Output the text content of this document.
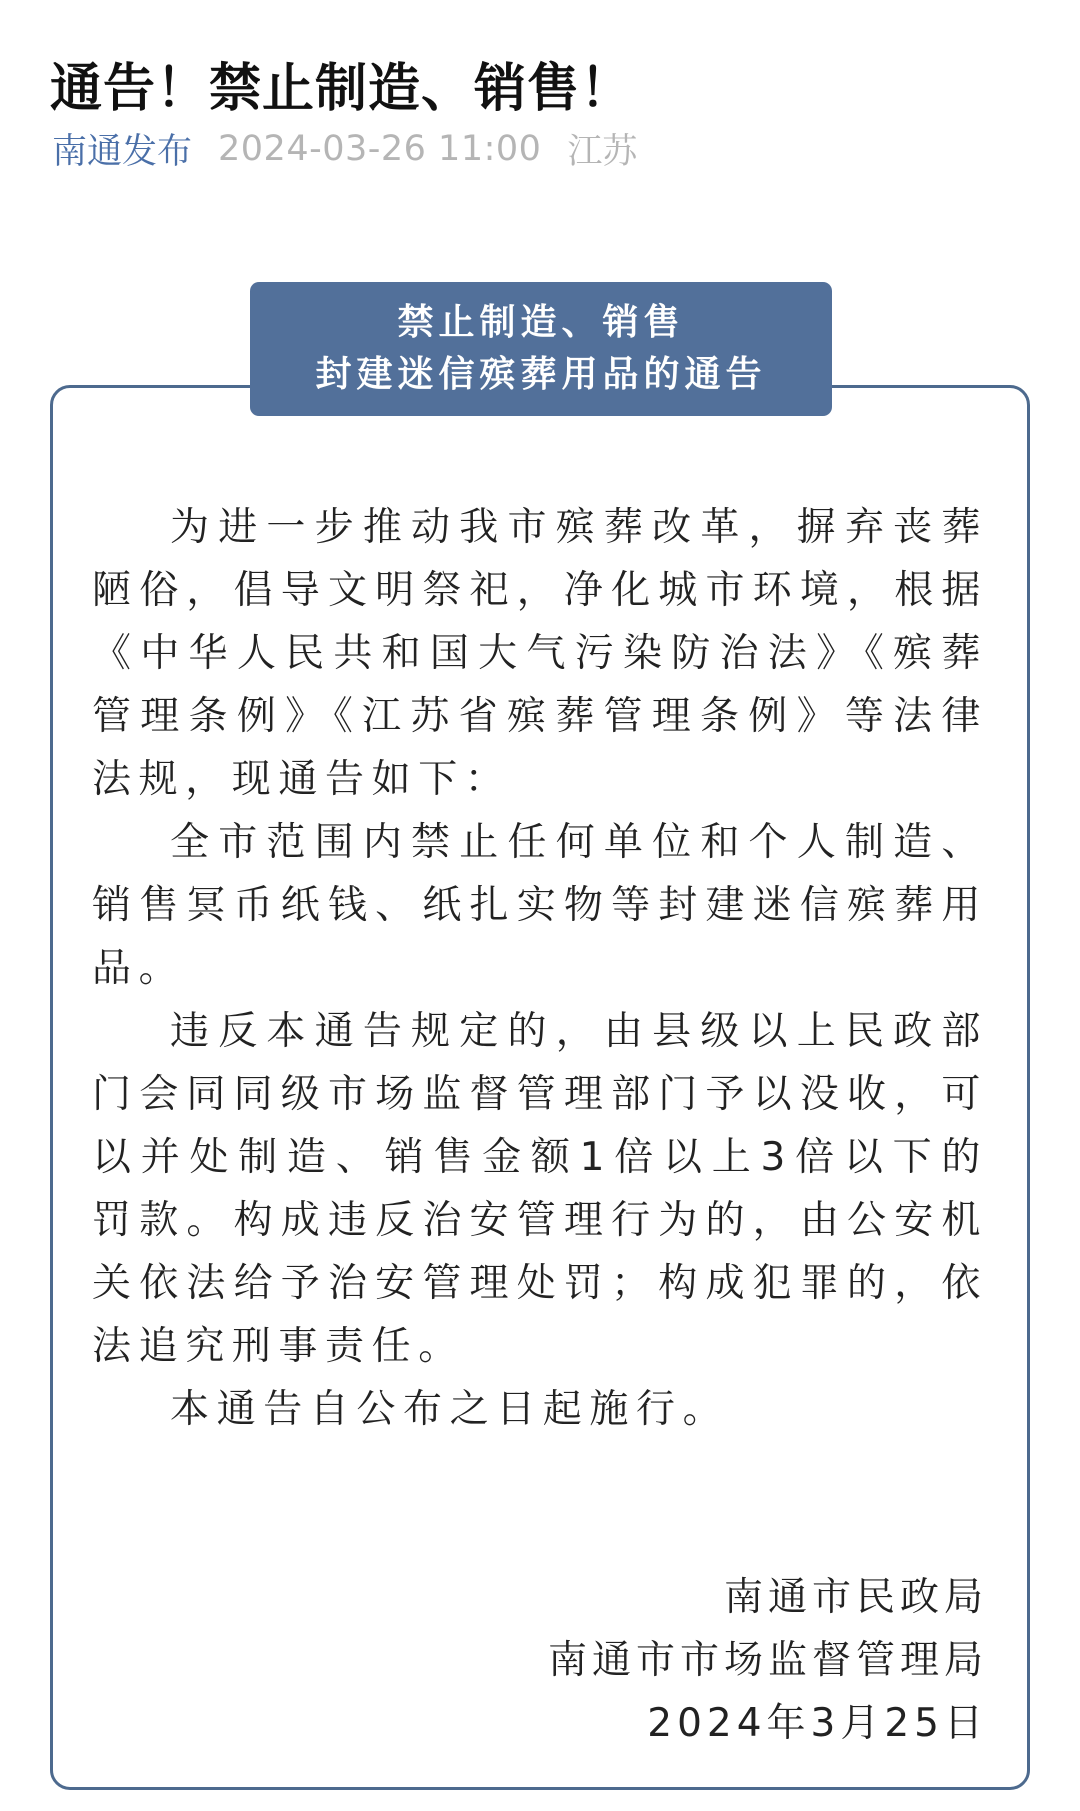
通告！禁止制造、销售！
南通发布 2024-03-26 11:00 江苏
禁止制造、销售
封建迷信殡葬用品的通告

为进一步推动我市殡葬改革，摒弃丧葬陋俗，倡导文明祭祀，净化城市环境，根据《中华人民共和国大气污染防治法》《殡葬管理条例》《江苏省殡葬管理条例》等法律法规，现通告如下：

全市范围内禁止任何单位和个人制造、销售冥币纸钱、纸扎实物等封建迷信殡葬用品。

违反本通告规定的，由县级以上民政部门会同同级市场监督管理部门予以没收，可以并处制造、销售金额1倍以上3倍以下的罚款。构成违反治安管理行为的，由公安机关依法给予治安管理处罚；构成犯罪的，依法追究刑事责任。

本通告自公布之日起施行。

南通市民政局
南通市市场监督管理局
2024年3月25日
